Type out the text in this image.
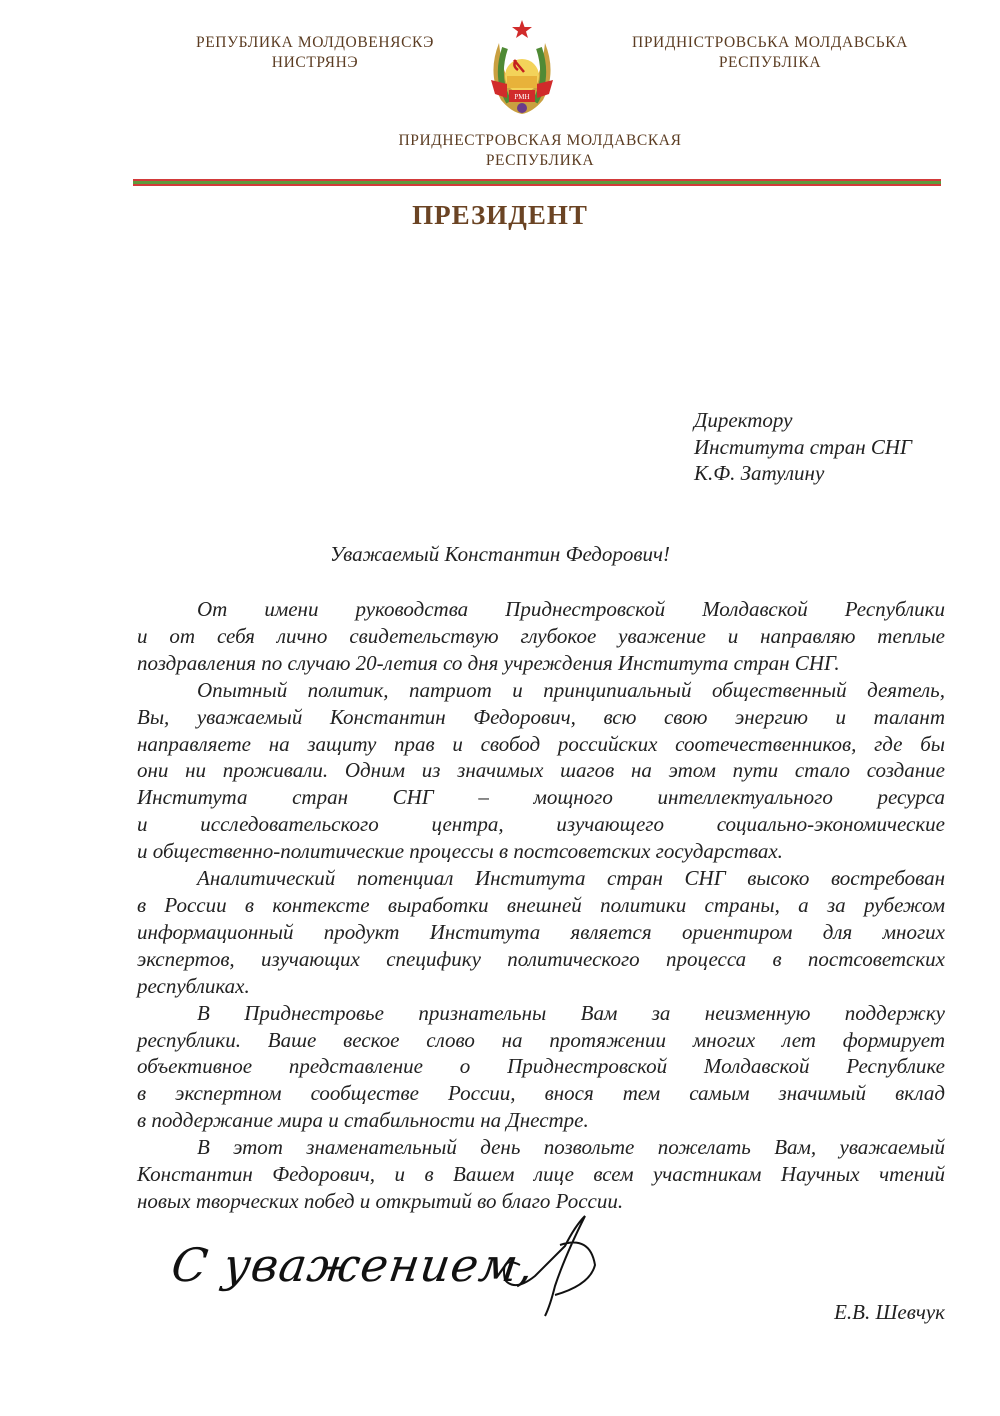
РЕПУБЛИКА МОЛДОВЕНЯСКЭ
НИСТРЯНЭ
ПРИДНІСТРОВСЬКА МОЛДАВСЬКА
РЕСПУБЛІКА
РМН
ПРИДНЕСТРОВСКАЯ МОЛДАВСКАЯ
РЕСПУБЛИКА
ПРЕЗИДЕНТ
Директору
Института стран СНГ
К.Ф. Затулину
Уважаемый Константин Федорович!
От имени руководства Приднестровской Молдавской Республики
и от себя лично свидетельствую глубокое уважение и направляю теплые
поздравления по случаю 20-летия со дня учреждения Института стран СНГ.
Опытный политик, патриот и принципиальный общественный деятель,
Вы, уважаемый Константин Федорович, всю свою энергию и талант
направляете на защиту прав и свобод российских соотечественников, где бы
они ни проживали. Одним из значимых шагов на этом пути стало создание
Института стран СНГ – мощного интеллектуального ресурса
и исследовательского центра, изучающего социально-экономические
и общественно-политические процессы в постсоветских государствах.
Аналитический потенциал Института стран СНГ высоко востребован
в России в контексте выработки внешней политики страны, а за рубежом
информационный продукт Института является ориентиром для многих
экспертов, изучающих специфику политического процесса в постсоветских
республиках.
В Приднестровье признательны Вам за неизменную поддержку
республики. Ваше веское слово на протяжении многих лет формирует
объективное представление о Приднестровской Молдавской Республике
в экспертном сообществе России, внося тем самым значимый вклад
в поддержание мира и стабильности на Днестре.
В этот знаменательный день позвольте пожелать Вам, уважаемый
Константин Федорович, и в Вашем лице всем участникам Научных чтений
новых творческих побед и открытий во благо России.
С уважением,
Е.В. Шевчук
